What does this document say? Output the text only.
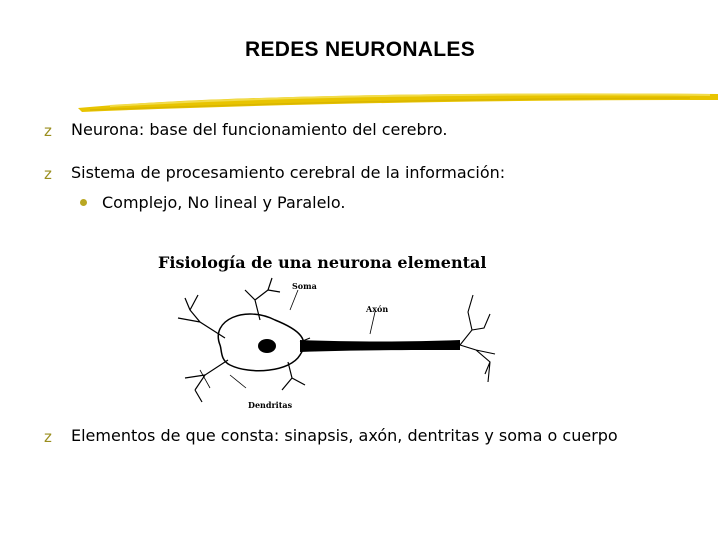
REDES NEURONALES
z	Neurona: base del funcionamiento del cerebro.
z	Sistema de procesamiento cerebral de la información:
Complejo, No lineal y Paralelo.
Fisiología de una neurona elemental
Soma
Axón
Dendritas
z	Elementos de que consta: sinapsis, axón, dentritas y soma o cuerpo
